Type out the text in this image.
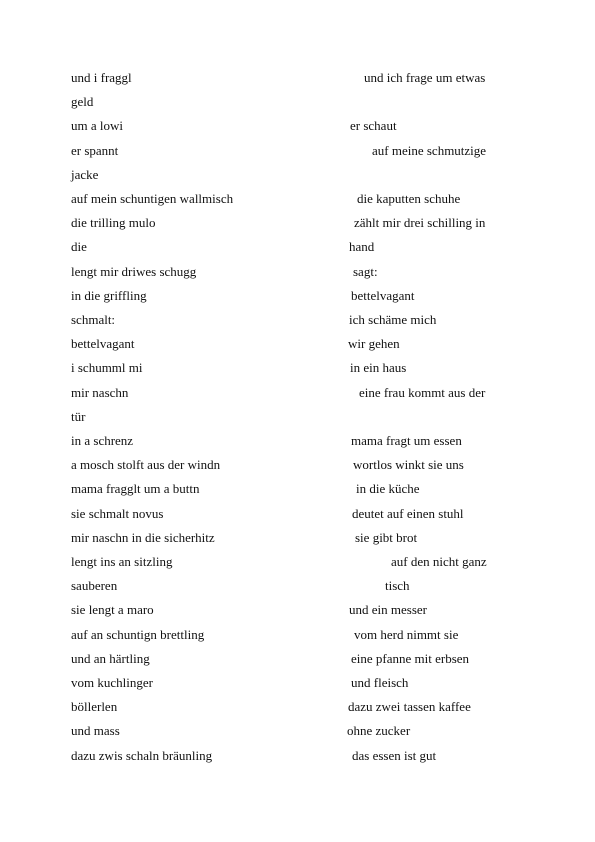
und i fraggl	und ich frage um etwas
geld
um a lowi	er schaut
er spannt	auf meine schmutzige
jacke
auf mein schuntigen wallmisch	die kaputten schuhe
die trilling mulo	zählt mir drei schilling in
die	hand
lengt mir driwes schugg	sagt:
in die griffling	bettelvagant
schmalt:	ich schäme mich
bettelvagant	wir gehen
i schumml mi	in ein haus
mir naschn	eine frau kommt aus der
tür
in a schrenz	mama fragt um essen
a mosch stolft aus der windn	wortlos winkt sie uns
mama fragglt um a buttn	in die küche
sie schmalt novus	deutet auf einen stuhl
mir naschn in die sicherhitz	sie gibt brot
lengt ins an sitzling	auf den nicht ganz
sauberen	tisch
sie lengt a maro	und ein messer
auf an schuntign brettling	vom herd nimmt sie
und an härtling	eine pfanne mit erbsen
vom kuchlinger	und fleisch
böllerlen	dazu zwei tassen kaffee
und mass	ohne zucker
dazu zwis schaln bräunling	das essen ist gut
